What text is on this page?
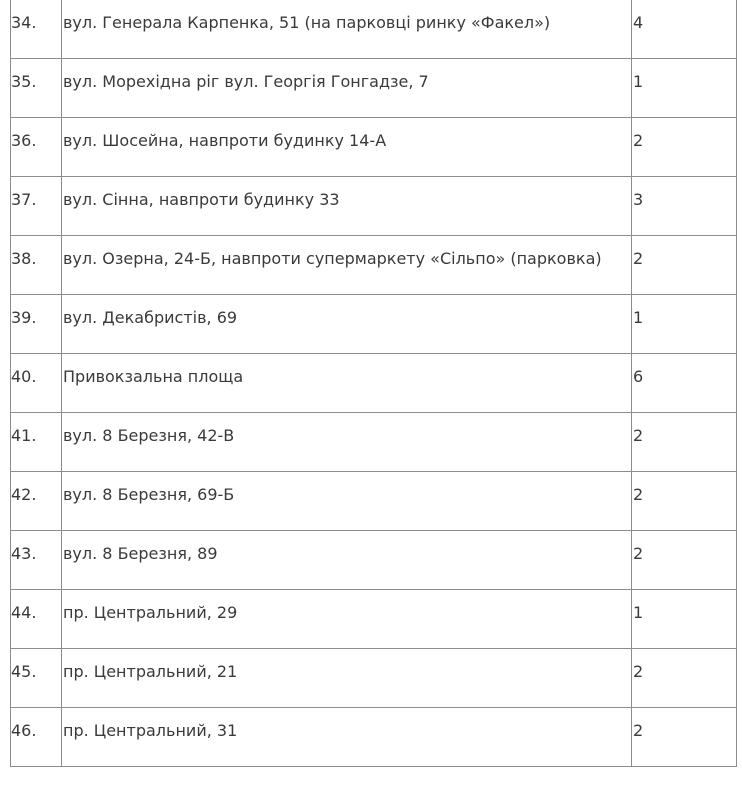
34.	вул. Генерала Карпенка, 51 (на парковці ринку «Факел»)	4

35.	вул. Морехідна ріг вул. Георгія Гонгадзе, 7	1

36.	вул. Шосейна, навпроти будинку 14-А	2

37.	вул. Сінна, навпроти будинку 33	3

38.	вул. Озерна, 24-Б, навпроти супермаркету «Сільпо» (парковка)	2

39.	вул. Декабристів, 69	1

40.	Привокзальна площа	6

41.	вул. 8 Березня, 42-В	2

42.	вул. 8 Березня, 69-Б	2

43.	вул. 8 Березня, 89	2

44.	пр. Центральний, 29	1

45.	пр. Центральний, 21	2

46.	пр. Центральний, 31	2
